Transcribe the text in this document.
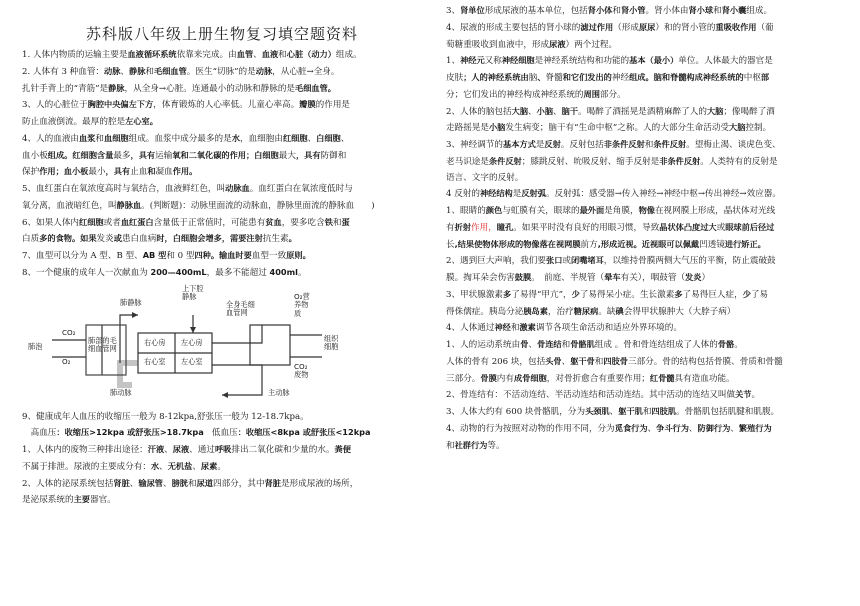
苏科版八年级上册生物复习填空题资料

1. 人体内物质的运输主要是血液循环系统依靠来完成。由血管、血液和心脏（动力）组成。

2. 人体有 3 种血管：动脉、静脉和毛细血管。医生“切脉”的是动脉，从心脏→全身。

扎针手背上的“青筋”是静脉，从全身→心脏。连通最小的动脉和静脉的是毛细血管。

3、人的心脏位于胸腔中央偏左下方，体育锻炼的人心率低。儿童心率高。瓣膜的作用是

防止血液倒流。最厚的腔是左心室。

4、人的血液由血浆和血细胞组成。血浆中成分最多的是水，血细胞由红细胞、白细胞、

血小板组成。红细胞含量最多，具有运输氧和二氧化碳的作用；白细胞最大，具有防御和

保护作用；血小板最小，具有止血和凝血作用。

5、血红蛋白在氧浓度高时与氧结合，血液鲜红色，叫动脉血。血红蛋白在氧浓度低时与

氧分离，血液暗红色，叫静脉血。(判断题)：动脉里面流的动脉血，静脉里面流的静脉血　　)

6、如果人体内红细胞或者血红蛋白含量低于正常值时，可能患有贫血，要多吃含铁和蛋

白质多的食物。如果发炎或患白血病时，白细胞会增多，需要注射抗生素。

7、血型可以分为 A 型、B 型、AB 型和 0 型四种。输血时要血型一致原则。

8、一个健康的成年人一次献血为 200—400mL，最多不能超过 400ml。

上下腔
静脉
肺静脉
肺部的毛
细血管网
肺动脉
CO₂
O₂
肺泡	右心房 左心房
右心室 左心室
全身毛细
血管网
O₂营
养物
质
组织
细胞
CO₂
废物
主动脉

9、健康成年人血压的收缩压一般为 8-12kpa,舒张压一般为 12-18.7kpa。

　高血压：收缩压>12kpa 或舒张压>18.7kpa　低血压：收缩压<8kpa 或舒张压<12kpa

1、人体内的废物三种排出途径：汗液、尿液、通过呼吸排出二氧化碳和少量的水。粪便

不属于排泄。尿液的主要成分有：水、无机盐、尿素。

2、人体的泌尿系统包括肾脏、输尿管、膀胱和尿道四部分，其中肾脏是形成尿液的场所，

是泌尿系统的主要器官。

3、肾单位形成尿液的基本单位，包括肾小体和肾小管。肾小体由肾小球和肾小囊组成。

4、尿液的形成主要包括的肾小球的滤过作用（形成原尿）和的肾小管的重吸收作用（葡

萄糖重吸收到血液中，形成尿液）两个过程。

1、神经元又称神经细胞是神经系统结构和功能的基本（最小）单位。人体最大的器官是

皮肤；人的神经系统由脑、脊髓和它们发出的神经组成。脑和脊髓构成神经系统的中枢部

分；它们发出的神经构成神经系统的周围部分。

2、人体的脑包括大脑、小脑、脑干。喝醉了酒摇晃是酒精麻醉了人的大脑；像喝醉了酒

走路摇晃是小脑发生病变；脑干有“生命中枢”之称。人的大部分生命活动受大脑控制。

3、神经调节的基本方式是反射。反射包括非条件反射和条件反射。望梅止渴、谈虎色变、

老马识途是条件反射；膝跳反射、吮吸反射、缩手反射是非条件反射。人类特有的反射是

语言、文字的反射。

4 反射的神经结构是反射弧。反射弧：感受器→传入神经→神经中枢→传出神经→效应器。

1、眼睛的颜色与虹膜有关，眼球的最外面是角膜，物像在视网膜上形成，晶状体对光线

有折射作用，瞳孔。如果平时没有良好的用眼习惯，导致晶状体凸度过大或眼球前后径过

长,结果使物体形成的物像落在视网膜前方,形成近视。近视眼可以佩戴凹透镜进行矫正。

2、遇到巨大声响，我们要张口或闭嘴堵耳，以维持骨膜两侧大气压的平衡，防止震破鼓

膜。掏耳朵会伤害鼓膜。　前庭、半规管（晕车有关），咽鼓管（发炎）

3、甲状腺激素多了易得“甲亢”，少了易得呆小症。生长激素多了易得巨人症，少了易

得侏儒症。胰岛分泌胰岛素，治疗糖尿病。缺碘会得甲状腺肿大（大脖子病）

4、人体通过神经和激素调节各项生命活动和适应外界环境的。

1、人的运动系统由骨、骨连结和骨骼肌组成 。骨和骨连结组成了人体的骨骼。

人体的骨有 206 块，包括头骨、躯干骨和四肢骨三部分。骨的结构包括骨膜、骨质和骨髓

三部分。骨膜内有成骨细胞，对骨折愈合有重要作用；红骨髓具有造血功能。

2、骨连结有：不活动连结、半活动连结和活动连结。其中活动的连结又叫做关节。

3、人体大约有 600 块骨骼肌，分为头颈肌、躯干肌和四肢肌。骨骼肌包括肌腱和肌腹。

4、动物的行为按照对动物的作用不同，分为觅食行为、争斗行为、防御行为、繁殖行为

和社群行为等。
